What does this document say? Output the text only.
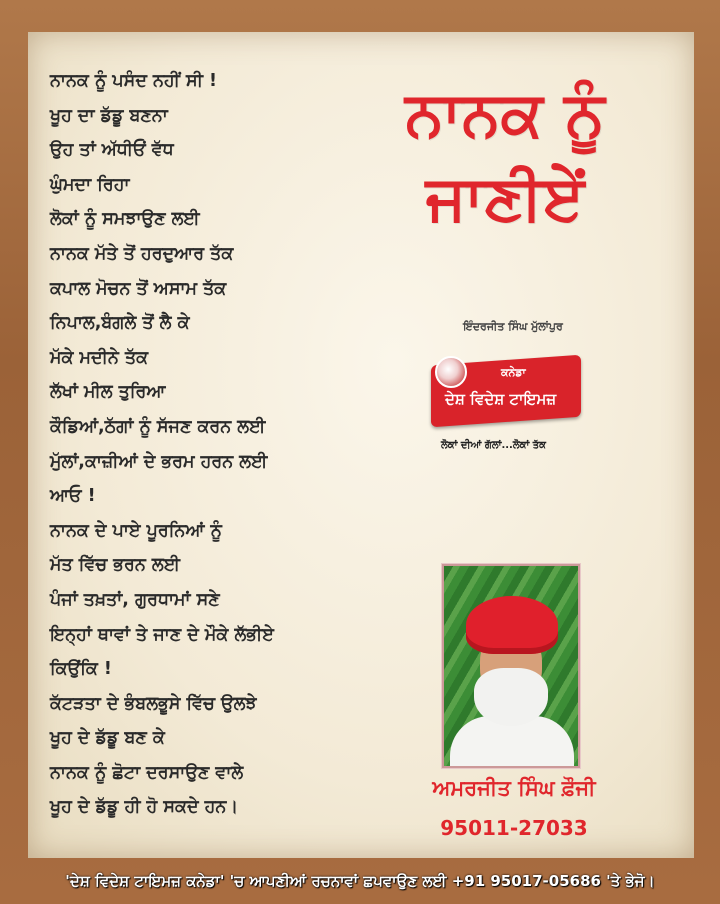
ਨਾਨਕ ਨੂੰ ਪਸੰਦ ਨਹੀਂ ਸੀ !
ਖੂਹ ਦਾ ਡੱਡੂ ਬਣਨਾ
ਉਹ ਤਾਂ ਅੱਧੀਓਂ ਵੱਧ
ਘੁੰਮਦਾ ਰਿਹਾ
ਲੋਕਾਂ ਨੂੰ ਸਮਝਾਉਣ ਲਈ
ਨਾਨਕ ਮੱਤੇ ਤੋਂ ਹਰਦੁਆਰ ਤੱਕ
ਕਪਾਲ ਮੋਚਨ ਤੋਂ ਅਸਾਮ ਤੱਕ
ਨਿਪਾਲ,ਬੰਗਲੇ ਤੋਂ ਲੈ ਕੇ
ਮੱਕੇ ਮਦੀਨੇ ਤੱਕ
ਲੱਖਾਂ ਮੀਲ ਤੁਰਿਆ
ਕੌਡਿਆਂ,ਠੱਗਾਂ ਨੂੰ ਸੱਜਣ ਕਰਨ ਲਈ
ਮੁੱਲਾਂ,ਕਾਜ਼ੀਆਂ ਦੇ ਭਰਮ ਹਰਨ ਲਈ
ਆਓ !
ਨਾਨਕ ਦੇ ਪਾਏ ਪੂਰਨਿਆਂ ਨੂੰ
ਮੱਤ ਵਿੱਚ ਭਰਨ ਲਈ
ਪੰਜਾਂ ਤਖ਼ਤਾਂ, ਗੁਰਧਾਮਾਂ ਸਣੇ
ਇਨ੍ਹਾਂ ਥਾਵਾਂ ਤੇ ਜਾਣ ਦੇ ਮੌਕੇ ਲੱਭੀਏ
ਕਿਉਂਕਿ !
ਕੱਟੜਤਾ ਦੇ ਭੰਬਲਭੂਸੇ ਵਿੱਚ ਉਲਝੇ
ਖੂਹ ਦੇ ਡੱਡੂ ਬਣ ਕੇ
ਨਾਨਕ ਨੂੰ ਛੋਟਾ ਦਰਸਾਉਣ ਵਾਲੇ
ਖੂਹ ਦੇ ਡੱਡੂ ਹੀ ਹੋ ਸਕਦੇ ਹਨ।
ਨਾਨਕ ਨੂੰ
ਜਾਣੀਏਂ
ਇੰਦਰਜੀਤ ਸਿੰਘ ਮੁੱਲਾਂਪੁਰ
ਕਨੇਡਾ
ਦੇਸ਼ ਵਿਦੇਸ਼ ਟਾਇਮਜ਼
ਲੋਕਾਂ ਦੀਆਂ ਗੱਲਾਂ...ਲੋਕਾਂ ਤੱਕ
ਅਮਰਜੀਤ ਸਿੰਘ ਫ਼ੌਜੀ
95011-27033
'ਦੇਸ਼ ਵਿਦੇਸ਼ ਟਾਇਮਜ਼ ਕਨੇਡਾ' 'ਚ ਆਪਣੀਆਂ ਰਚਨਾਵਾਂ ਛਪਵਾਉਣ ਲਈ +91 95017-05686 'ਤੇ ਭੇਜੋ।
